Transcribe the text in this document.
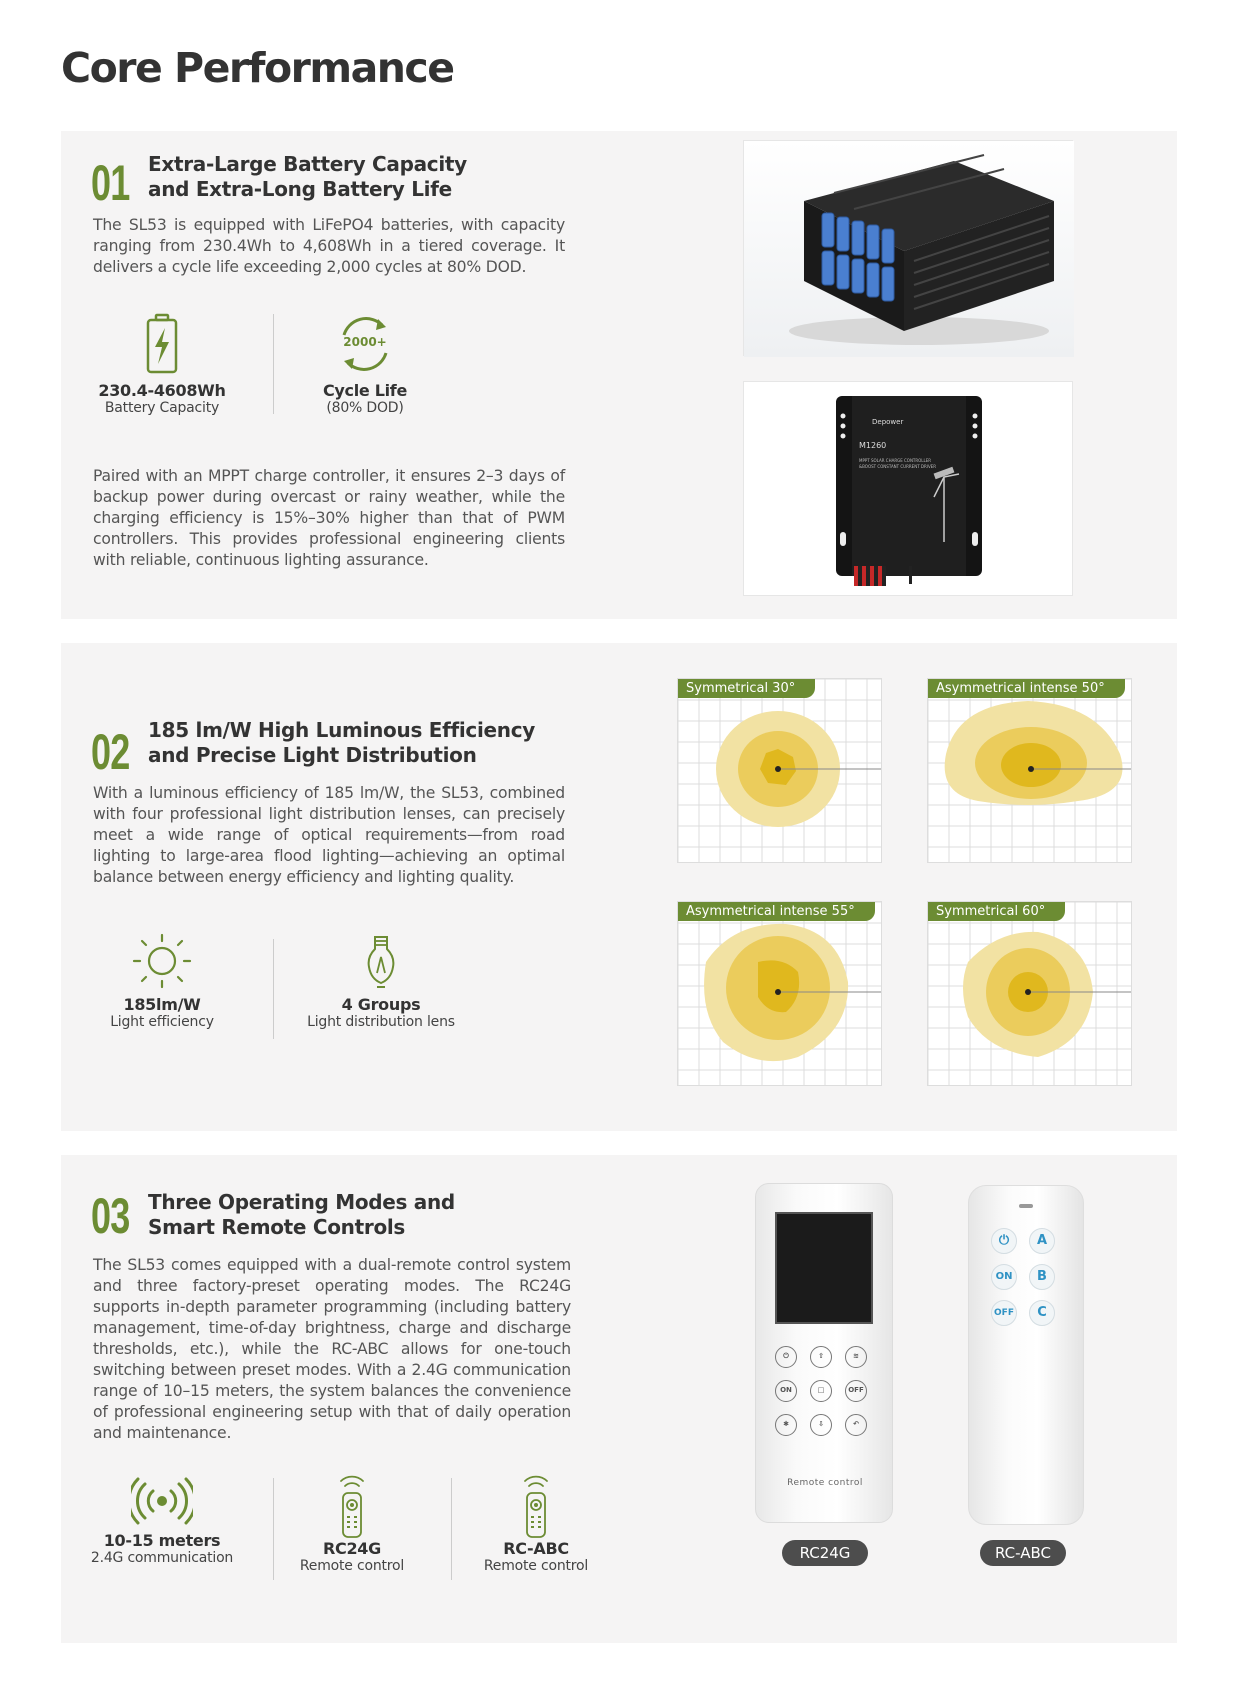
Core Performance
01 Extra-Large Battery Capacity
and Extra-Long Battery Life
The SL53 is equipped with LiFePO4 batteries, with capacity ranging from 230.4Wh to 4,608Wh in a tiered coverage. It delivers a cycle life exceeding 2,000 cycles at 80% DOD.
230.4-4608Wh
Battery Capacity
2000+
Cycle Life
(80% DOD)
Paired with an MPPT charge controller, it ensures 2–3 days of backup power during overcast or rainy weather, while the charging efficiency is 15%–30% higher than that of PWM controllers. This provides professional engineering clients with reliable, continuous lighting assurance.
Depower
M1260
MPPT SOLAR CHARGE CONTROLLER
&BOOST CONSTANT CURRENT DRIVER
02 185 lm/W High Luminous Efficiency
and Precise Light Distribution
With a luminous efficiency of 185 lm/W, the SL53, combined with four professional light distribution lenses, can precisely meet a wide range of optical requirements—from road lighting to large-area flood lighting—achieving an optimal balance between energy efficiency and lighting quality.
185lm/W
Light efficiency
4 Groups
Light distribution lens
Symmetrical 30°	Asymmetrical intense 50°
Asymmetrical intense 55°	Symmetrical 60°
03 Three Operating Modes and
Smart Remote Controls
The SL53 comes equipped with a dual-remote control system and three factory-preset operating modes. The RC24G supports in-depth parameter programming (including battery management, time-of-day brightness, charge and discharge thresholds, etc.), while the RC-ABC allows for one-touch switching between preset modes. With a 2.4G communication range of 10–15 meters, the system balances the convenience of professional engineering setup with that of daily operation and maintenance.
10-15 meters
2.4G communication	RC24G
Remote control
RC-ABC
Remote control
⏻	⇧	≋
ON	□	OFF
✱	⇩	↶
Remote control
RC24G
⏻	A
ON	B
OFF	C
RC-ABC
